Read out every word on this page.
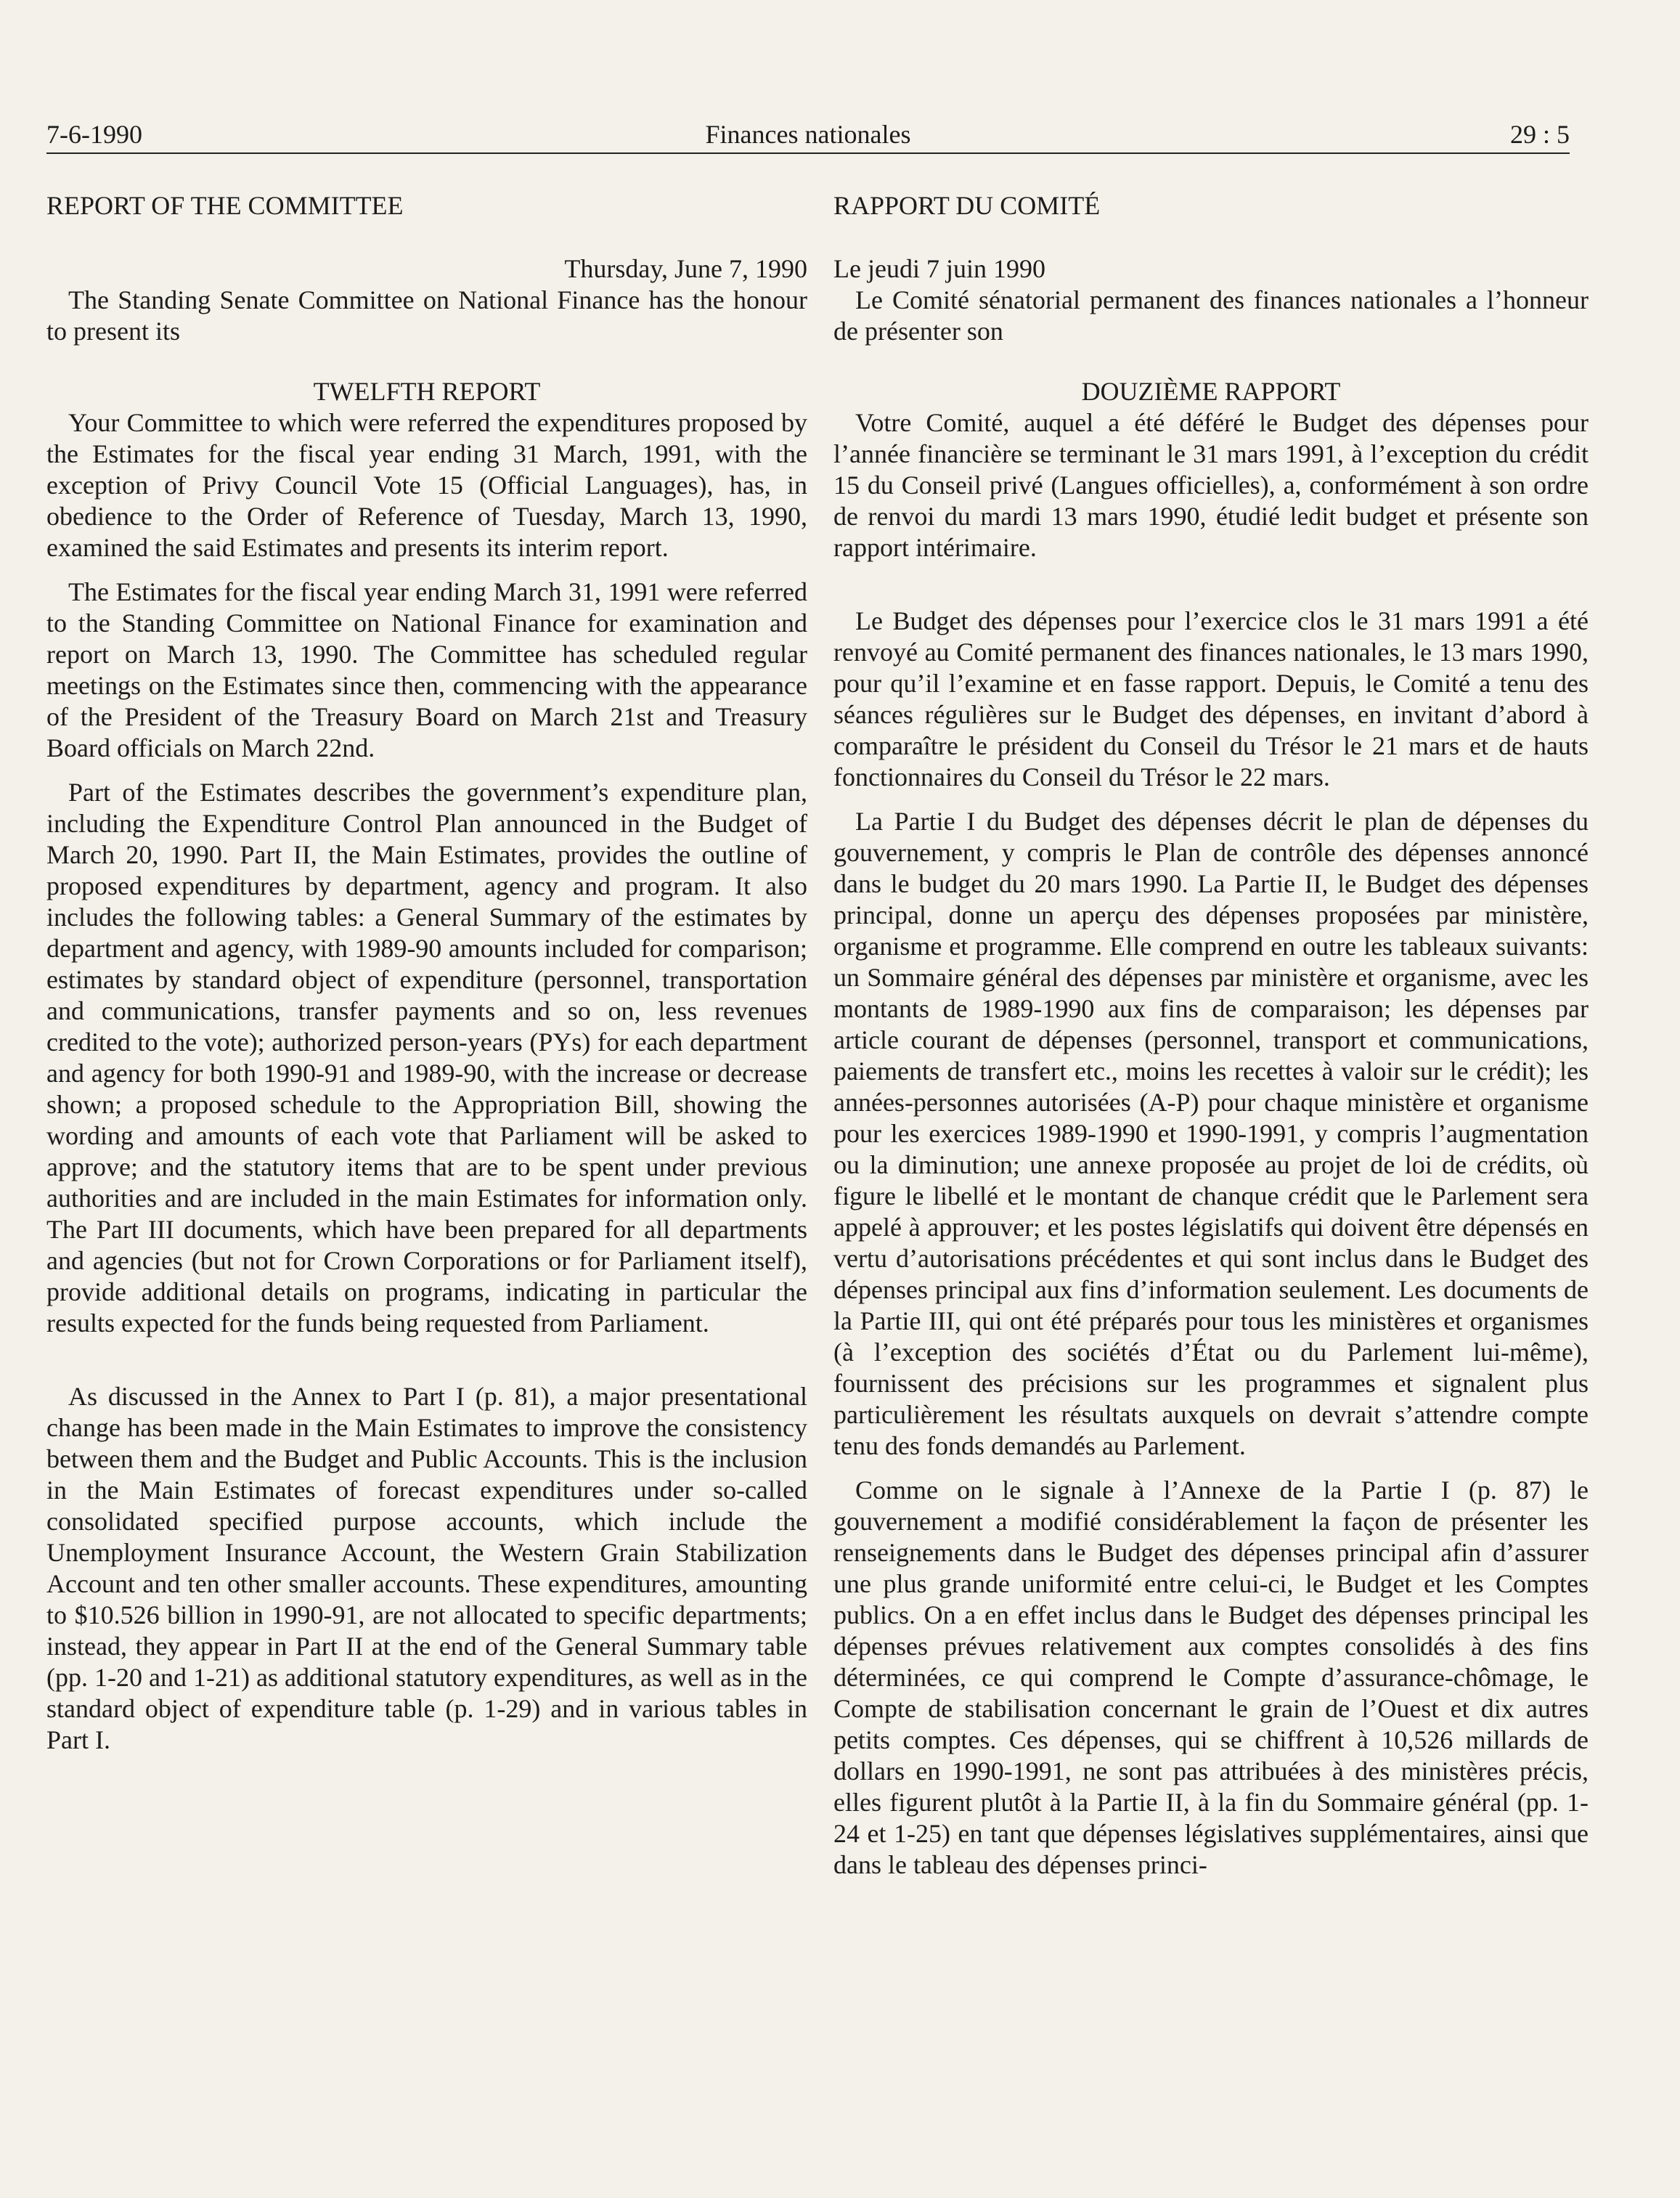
7-6-1990	Finances nationales	29 : 5

REPORT OF THE COMMITTEE

Thursday, June 7, 1990

The Standing Senate Committee on National Finance has the honour to present its

TWELFTH REPORT

Your Committee to which were referred the expenditures proposed by the Estimates for the fiscal year ending 31 March, 1991, with the exception of Privy Council Vote 15 (Official Languages), has, in obedience to the Order of Reference of Tuesday, March 13, 1990, examined the said Estimates and presents its interim report.

The Estimates for the fiscal year ending March 31, 1991 were referred to the Standing Committee on National Finance for examination and report on March 13, 1990. The Committee has scheduled regular meetings on the Estimates since then, commencing with the appearance of the President of the Treasury Board on March 21st and Treasury Board officials on March 22nd.

Part of the Estimates describes the government’s expenditure plan, including the Expenditure Control Plan announced in the Budget of March 20, 1990. Part II, the Main Estimates, provides the outline of proposed expenditures by department, agency and program. It also includes the following tables: a General Summary of the estimates by department and agency, with 1989-90 amounts included for comparison; estimates by standard object of expenditure (personnel, transportation and communications, transfer payments and so on, less revenues credited to the vote); authorized person-years (PYs) for each department and agency for both 1990-91 and 1989-90, with the increase or decrease shown; a proposed schedule to the Appropriation Bill, showing the wording and amounts of each vote that Parliament will be asked to approve; and the statutory items that are to be spent under previous authorities and are included in the main Estimates for information only. The Part III documents, which have been prepared for all departments and agencies (but not for Crown Corporations or for Parliament itself), provide additional details on programs, indicating in particular the results expected for the funds being requested from Parliament.

As discussed in the Annex to Part I (p. 81), a major presentational change has been made in the Main Estimates to improve the consistency between them and the Budget and Public Accounts. This is the inclusion in the Main Estimates of forecast expenditures under so-called consolidated specified purpose accounts, which include the Unemployment Insurance Account, the Western Grain Stabilization Account and ten other smaller accounts. These expenditures, amounting to $10.526 billion in 1990-91, are not allocated to specific departments; instead, they appear in Part II at the end of the General Summary table (pp. 1-20 and 1-21) as additional statutory expenditures, as well as in the standard object of expenditure table (p. 1-29) and in various tables in Part I.

RAPPORT DU COMITÉ

Le jeudi 7 juin 1990

Le Comité sénatorial permanent des finances nationales a l’honneur de présenter son

DOUZIÈME RAPPORT

Votre Comité, auquel a été déféré le Budget des dépenses pour l’année financière se terminant le 31 mars 1991, à l’exception du crédit 15 du Conseil privé (Langues officielles), a, conformément à son ordre de renvoi du mardi 13 mars 1990, étudié ledit budget et présente son rapport intérimaire.

Le Budget des dépenses pour l’exercice clos le 31 mars 1991 a été renvoyé au Comité permanent des finances nationales, le 13 mars 1990, pour qu’il l’examine et en fasse rapport. Depuis, le Comité a tenu des séances régulières sur le Budget des dépenses, en invitant d’abord à comparaître le président du Conseil du Trésor le 21 mars et de hauts fonctionnaires du Conseil du Trésor le 22 mars.

La Partie I du Budget des dépenses décrit le plan de dépenses du gouvernement, y compris le Plan de contrôle des dépenses annoncé dans le budget du 20 mars 1990. La Partie II, le Budget des dépenses principal, donne un aperçu des dépenses proposées par ministère, organisme et programme. Elle comprend en outre les tableaux suivants: un Sommaire général des dépenses par ministère et organisme, avec les montants de 1989-1990 aux fins de comparaison; les dépenses par article courant de dépenses (personnel, transport et communications, paiements de transfert etc., moins les recettes à valoir sur le crédit); les années-personnes autorisées (A-P) pour chaque ministère et organisme pour les exercices 1989-1990 et 1990-1991, y compris l’augmentation ou la diminution; une annexe proposée au projet de loi de crédits, où figure le libellé et le montant de chanque crédit que le Parlement sera appelé à approuver; et les postes législatifs qui doivent être dépensés en vertu d’autorisations précédentes et qui sont inclus dans le Budget des dépenses principal aux fins d’information seulement. Les documents de la Partie III, qui ont été préparés pour tous les ministères et organismes (à l’exception des sociétés d’État ou du Parlement lui-même), fournissent des précisions sur les programmes et signalent plus particulièrement les résultats auxquels on devrait s’attendre compte tenu des fonds demandés au Parlement.

Comme on le signale à l’Annexe de la Partie I (p. 87) le gouvernement a modifié considérablement la façon de présenter les renseignements dans le Budget des dépenses principal afin d’assurer une plus grande uniformité entre celui-ci, le Budget et les Comptes publics. On a en effet inclus dans le Budget des dépenses principal les dépenses prévues relativement aux comptes consolidés à des fins déterminées, ce qui comprend le Compte d’assurance-chômage, le Compte de stabilisation concernant le grain de l’Ouest et dix autres petits comptes. Ces dépenses, qui se chiffrent à 10,526 millards de dollars en 1990-1991, ne sont pas attribuées à des ministères précis, elles figurent plutôt à la Partie II, à la fin du Sommaire général (pp. 1-24 et 1-25) en tant que dépenses législatives supplémentaires, ainsi que dans le tableau des dépenses princi-
